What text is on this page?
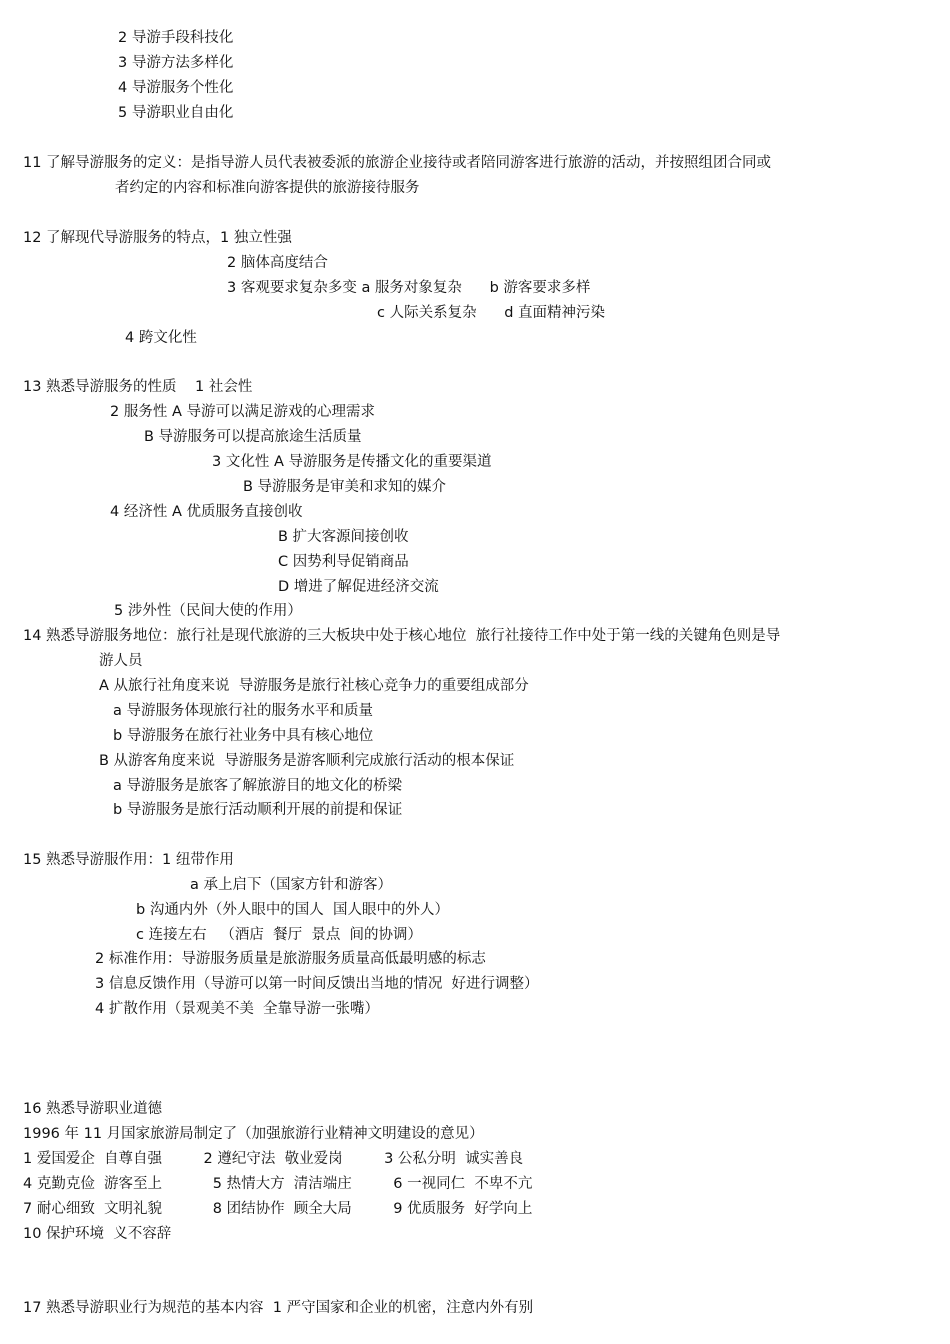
2 导游手段科技化
3 导游方法多样化
4 导游服务个性化
5 导游职业自由化
11 了解导游服务的定义：是指导游人员代表被委派的旅游企业接待或者陪同游客进行旅游的活动，并按照组团合同或
者约定的内容和标准向游客提供的旅游接待服务
12 了解现代导游服务的特点，1 独立性强
2 脑体高度结合
3 客观要求复杂多变 a 服务对象复杂      b 游客要求多样
c 人际关系复杂      d 直面精神污染
4 跨文化性
13 熟悉导游服务的性质    1 社会性
2 服务性 A 导游可以满足游戏的心理需求
B 导游服务可以提高旅途生活质量
3 文化性 A 导游服务是传播文化的重要渠道
B 导游服务是审美和求知的媒介
4 经济性 A 优质服务直接创收
B 扩大客源间接创收
C 因势利导促销商品
D 增进了解促进经济交流
5 涉外性（民间大使的作用）
14 熟悉导游服务地位：旅行社是现代旅游的三大板块中处于核心地位  旅行社接待工作中处于第一线的关键角色则是导
游人员
A 从旅行社角度来说  导游服务是旅行社核心竞争力的重要组成部分
a 导游服务体现旅行社的服务水平和质量
b 导游服务在旅行社业务中具有核心地位
B 从游客角度来说  导游服务是游客顺利完成旅行活动的根本保证
a 导游服务是旅客了解旅游目的地文化的桥梁
b 导游服务是旅行活动顺利开展的前提和保证
15 熟悉导游服作用：1 纽带作用
a 承上启下（国家方针和游客）
b 沟通内外（外人眼中的国人  国人眼中的外人）
c 连接左右   （酒店  餐厅  景点  间的协调）
2 标准作用：导游服务质量是旅游服务质量高低最明感的标志
3 信息反馈作用（导游可以第一时间反馈出当地的情况  好进行调整）
4 扩散作用（景观美不美  全靠导游一张嘴）
16 熟悉导游职业道德
1996 年 11 月国家旅游局制定了（加强旅游行业精神文明建设的意见）
1 爱国爱企  自尊自强         2 遵纪守法  敬业爱岗         3 公私分明  诚实善良
4 克勤克俭  游客至上           5 热情大方  清洁端庄         6 一视同仁  不卑不亢
7 耐心细致  文明礼貌           8 团结协作  顾全大局         9 优质服务  好学向上
10 保护环境  义不容辞
17 熟悉导游职业行为规范的基本内容  1 严守国家和企业的机密，注意内外有别
